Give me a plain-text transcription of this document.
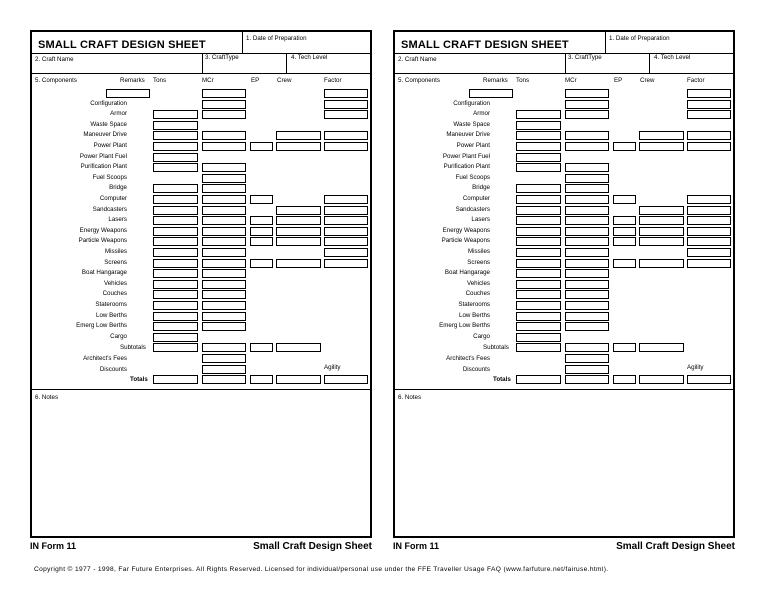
SMALL CRAFT DESIGN SHEET
1. Date of Preparation
2. Craft Name	3. CraftType	4. Tech Level
5. Components	Remarks Tons	MCr	EP	Crew	Factor
Configuration
Armor
Waste Space
Maneuver Drive
Power Plant
Power Plant Fuel
Purification Plant
Fuel Scoops
Bridge
Computer
Sandcasters
Lasers
Energy Weapons
Particle Weapons
Missiles
Screens
Boat Hangarage
Vehicles
Couches
Staterooms
Low Berths
Emerg Low Berths
Cargo
Subtotals
Architect's Fees
Discounts	Agility
Totals
6. Notes
IN Form 11	Small Craft Design Sheet
SMALL CRAFT DESIGN SHEET
1. Date of Preparation
2. Craft Name	3. CraftType	4. Tech Level
5. Components	Remarks Tons	MCr	EP	Crew	Factor
Configuration
Armor
Waste Space
Maneuver Drive
Power Plant
Power Plant Fuel
Purification Plant
Fuel Scoops
Bridge
Computer
Sandcasters
Lasers
Energy Weapons
Particle Weapons
Missiles
Screens
Boat Hangarage
Vehicles
Couches
Staterooms
Low Berths
Emerg Low Berths
Cargo
Subtotals
Architect's Fees
Discounts	Agility
Totals
6. Notes
IN Form 11	Small Craft Design Sheet
Copyright © 1977 - 1998, Far Future Enterprises. All Rights Reserved. Licensed for individual/personal use under the FFE Traveller Usage FAQ (www.farfuture.net/fairuse.html).
